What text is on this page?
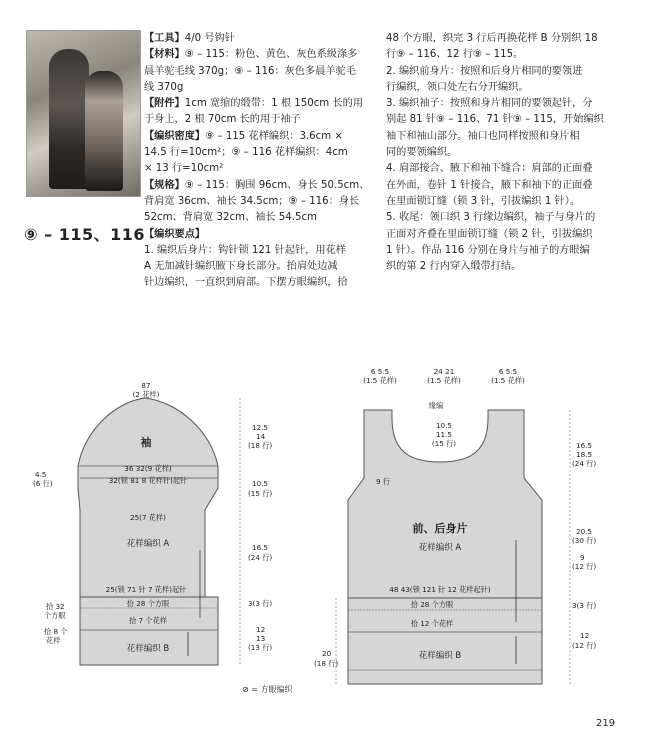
⑨ – 115、116

【工具】4/0 号钩针

【材料】⑨ – 115：粉色、黄色、灰色系级涤多

晨羊驼毛线 370g；⑨ – 116：灰色多晨羊驼毛

线 370g

【附件】1cm 宽缩的缎带：1 根 150cm 长的用

于身上，2 根 70cm 长的用于袖子

【编织密度】⑨ – 115 花样编织：3.6cm ×

14.5 行=10cm²；⑨ – 116 花样编织：4cm

× 13 行=10cm²

【规格】⑨ – 115：胸围 96cm、身长 50.5cm、

背肩宽 36cm、袖长 34.5cm；⑨ – 116：身长

52cm、背肩宽 32cm、袖长 54.5cm

【编织要点】

1. 编织后身片：钩针锁 121 针起针，用花样

A 无加减针编织腋下身长部分。抬肩处边减

针边编织，一直织到肩部。下摆方眼编织，拾

48 个方眼，织完 3 行后再换花样 B 分别织 18

行⑨ – 116、12 行⑨ – 115。

2. 编织前身片：按照和后身片相同的要领进

行编织，领口处左右分开编织。

3. 编织袖子：按照和身片相同的要领起针，分

别起 81 针⑨ – 116、71 针⑨ – 115，开始编织

袖下和袖山部分。袖口也同样按照和身片相

同的要领编织。

4. 肩部接合、腋下和袖下缝合：肩部的正面叠

在外面，卷针 1 针接合，腋下和袖下的正面叠

在里面锁订缝（锁 3 针，引拔编织 1 针）。

5. 收尾：领口织 3 行缘边编织，袖子与身片的

正面对齐叠在里面锁订缝（锁 2 针，引拔编织

1 针）。作品 116 分别在身片与袖子的方眼编

织的第 2 行内穿入缎带打结。

87
(2 花样)
袖
36 32(9 花样)
32(锁 81 8 花样针)起针
4.5
(6 行)
25(7 花样)
花样编织 A
25(锁 71 针 7 花样)起针
拾 28 个方眼
拾 7 个花样
花样编织 B
拾 32
个方眼
拾 8 个
花样
12.5
14
(18 行)
10.5
(15 行)
16.5
(24 行)
3(3 行)
12
13
(13 行)
6 5.5
(1.5 花样)
24 21
(1.5 花样)
6 5.5
(1.5 花样)
缘编
10.5
11.5
(15 行)
9 行
前、后身片
花样编织 A
48 43(锁 121 针 12 花样起针)
拾 28 个方眼
拾 12 个花样
花样编织 B
20
(18 行)
16.5
18.5
(24 行)
20.5
(30 行)
9
(12 行)
3(3 行)
12
(12 行)
⊘ = 方眼编织
219
